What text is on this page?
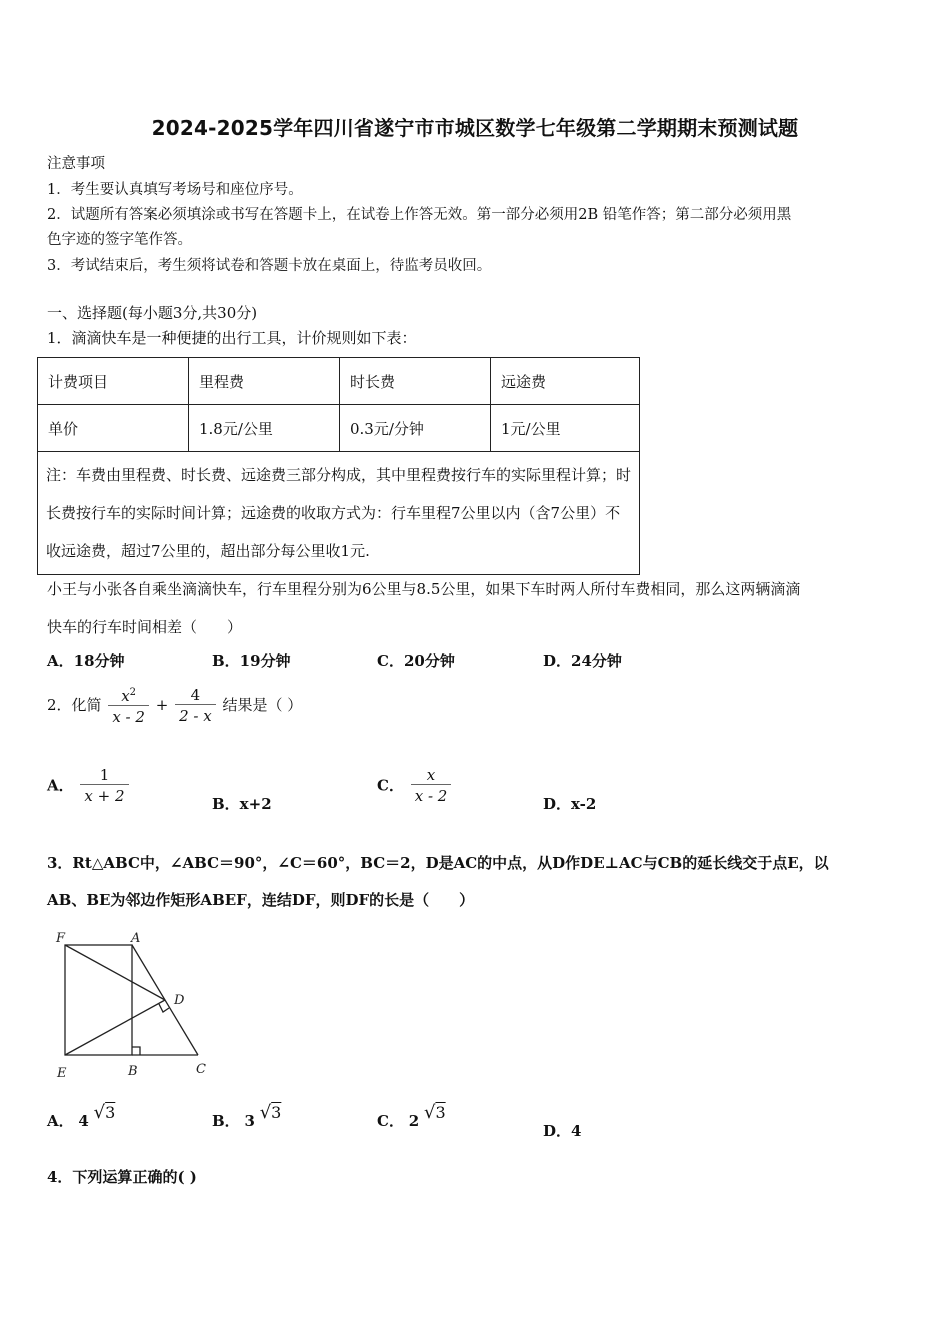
2024-2025学年四川省遂宁市市城区数学七年级第二学期期末预测试题
注意事项
1．考生要认真填写考场号和座位序号。
2．试题所有答案必须填涂或书写在答题卡上，在试卷上作答无效。第一部分必须用2B 铅笔作答；第二部分必须用黑
色字迹的签字笔作答。
3．考试结束后，考生须将试卷和答题卡放在桌面上，待监考员收回。
一、选择题(每小题3分,共30分)
1．滴滴快车是一种便捷的出行工具，计价规则如下表：
计费项目	里程费	时长费	远途费
单价	1.8元/公里	0.3元/分钟	1元/公里
注：车费由里程费、时长费、远途费三部分构成，其中里程费按行车的实际里程计算；时长费按行车的实际时间计算；远途费的收取方式为：行车里程7公里以内（含7公里）不收远途费，超过7公里的，超出部分每公里收1元.			
小王与小张各自乘坐滴滴快车，行车里程分别为6公里与8.5公里，如果下车时两人所付车费相同，那么这两辆滴滴
快车的行车时间相差（　　）
A．18分钟	B．19分钟	C．20分钟	D．24分钟
2．化简 $\frac{x^2}{x - 2} + \frac{4}{2 - x}$ 结果是（ ）
A． $\frac{1}{x + 2}$	B．x+2
C． $\frac{x}{x - 2}$	D．x-2
3．Rt△ABC中，∠ABC＝90°，∠C＝60°，BC＝2，D是AC的中点，从D作DE⊥AC与CB的延长线交于点E，以
AB、BE为邻边作矩形ABEF，连结DF，则DF的长是（　　）
F	A
D
E	B	C
A． 4 √3	B． 3 √3	C． 2 √3
D．4
4．下列运算正确的( )
